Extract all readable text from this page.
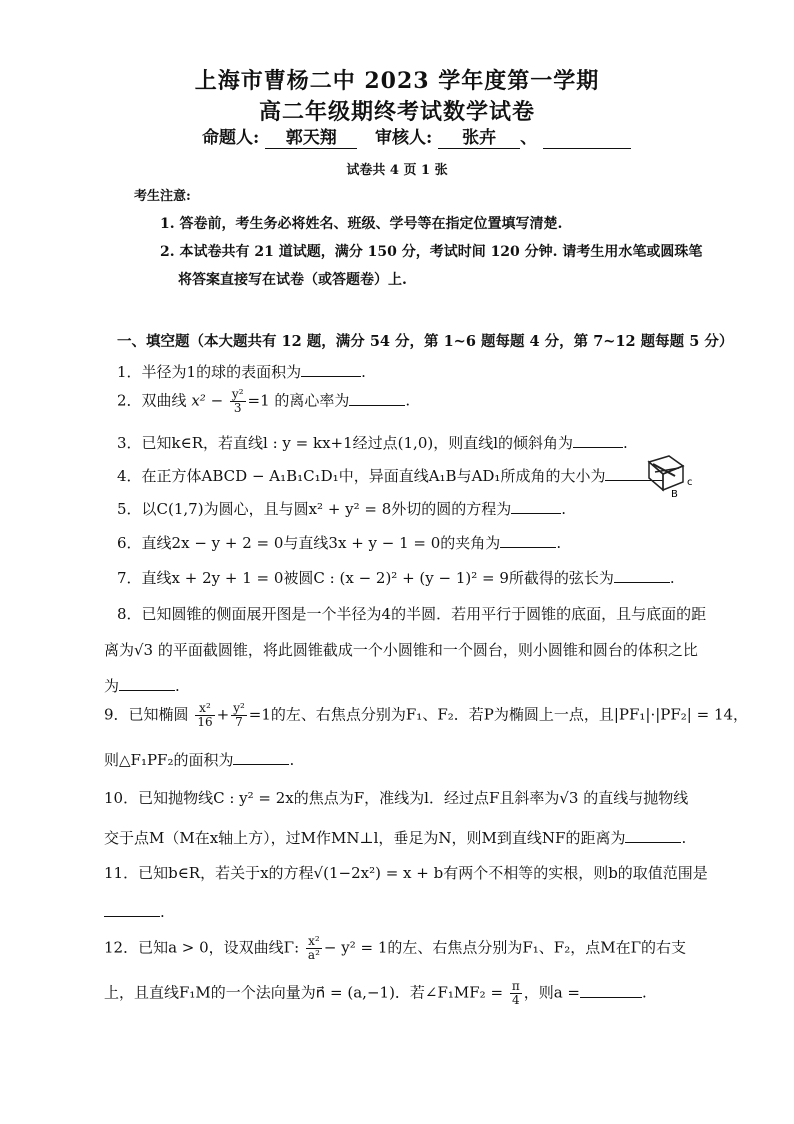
上海市曹杨二中 2023 学年度第一学期
高二年级期终考试数学试卷
命题人: 郭天翔 审核人: 张卉 、
试卷共 4 页 1 张
考生注意:
1. 答卷前，考生务必将姓名、班级、学号等在指定位置填写清楚.
2. 本试卷共有 21 道试题，满分 150 分，考试时间 120 分钟. 请考生用水笔或圆珠笔
将答案直接写在试卷（或答题卷）上.
一、填空题（本大题共有 12 题，满分 54 分，第 1~6 题每题 4 分，第 7~12 题每题 5 分）
1．半径为1的球的表面积为	.
2．双曲线 $x^2 - \frac{\text{y²}}{3} =1$ 的离心率为	.
3．已知k∈R，若直线l : y = kx+1经过点(1,0)，则直线l的倾斜角为	.
4．在正方体ABCD − A₁B₁C₁D₁中，异面直线A₁B与AD₁所成角的大小为
B
c
5．以C(1,7)为圆心，且与圆x² + y² = 8外切的圆的方程为	.
6．直线2x − y + 2 = 0与直线3x + y − 1 = 0的夹角为	.
7．直线x + 2y + 1 = 0被圆C : (x − 2)² + (y − 1)² = 9所截得的弦长为	.
8．已知圆锥的侧面展开图是一个半径为4的半圆．若用平行于圆锥的底面，且与底面的距
离为√3 的平面截圆锥，将此圆锥截成一个小圆锥和一个圆台，则小圆锥和圆台的体积之比
为	.
9．已知椭圆 $\frac{\text{x²}}{16} + \frac{\text{y²}}{7} =1$的左、右焦点分别为F₁、F₂．若P为椭圆上一点，且|PF₁|·|PF₂| = 14，
则△F₁PF₂的面积为	.
10．已知抛物线C : y² = 2x的焦点为F，准线为l．经过点F且斜率为√3 的直线与抛物线
交于点M（M在x轴上方），过M作MN⊥l，垂足为N，则M到直线NF的距离为	.
11．已知b∈R，若关于x的方程√(1−2x²) = x + b有两个不相等的实根，则b的取值范围是
.
12．已知a > 0，设双曲线Γ: $\frac{\text{x²}}{\text{a²}} - y^2 = 1$的左、右焦点分别为F₁、F₂，点M在Γ的右支
上，且直线F₁M的一个法向量为n⃗ = (a,−1)．若∠F₁MF₂ = $\frac{\pi}{4}$ ，则a =	.
